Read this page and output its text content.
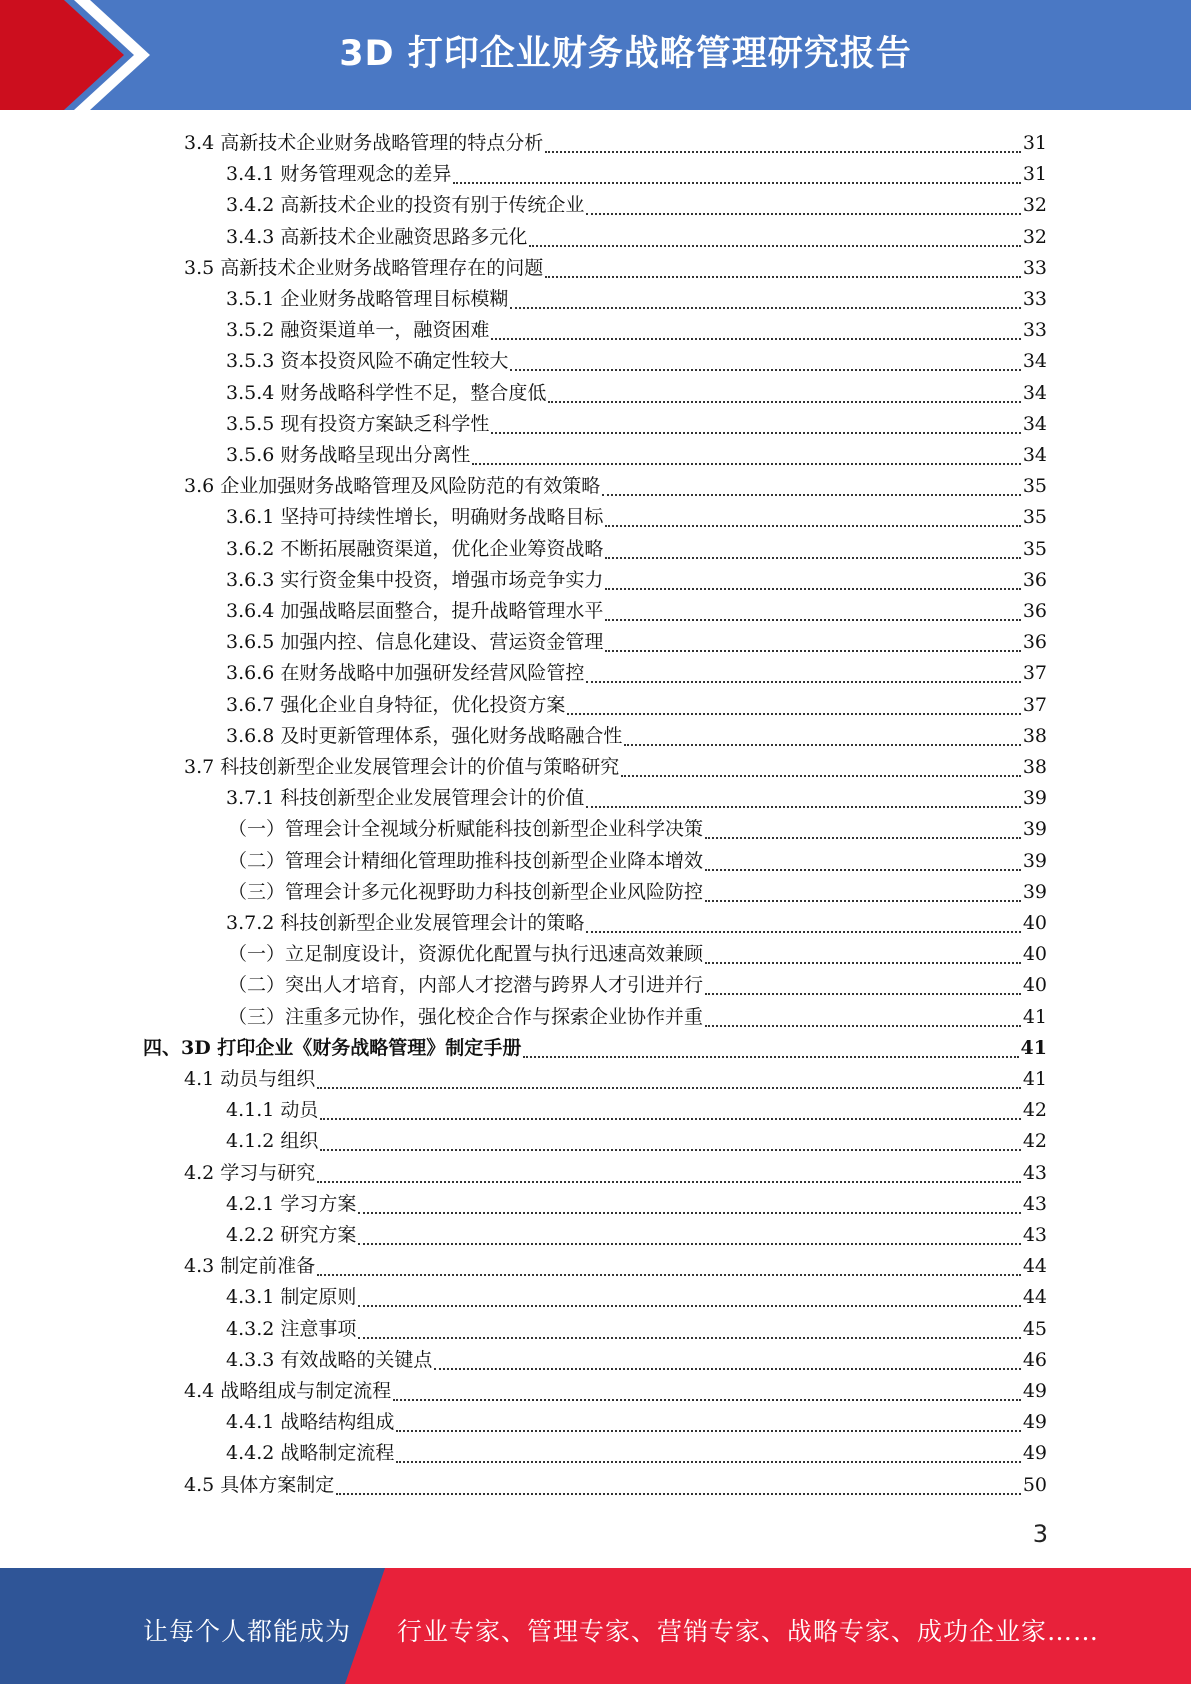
3D 打印企业财务战略管理研究报告
3.4 高新技术企业财务战略管理的特点分析	31
3.4.1 财务管理观念的差异	31
3.4.2 高新技术企业的投资有别于传统企业	32
3.4.3 高新技术企业融资思路多元化	32
3.5 高新技术企业财务战略管理存在的问题	33
3.5.1 企业财务战略管理目标模糊	33
3.5.2 融资渠道单一，融资困难	33
3.5.3 资本投资风险不确定性较大	34
3.5.4 财务战略科学性不足，整合度低	34
3.5.5 现有投资方案缺乏科学性	34
3.5.6 财务战略呈现出分离性	34
3.6 企业加强财务战略管理及风险防范的有效策略	35
3.6.1 坚持可持续性增长，明确财务战略目标	35
3.6.2 不断拓展融资渠道，优化企业筹资战略	35
3.6.3 实行资金集中投资，增强市场竞争实力	36
3.6.4 加强战略层面整合，提升战略管理水平	36
3.6.5 加强内控、信息化建设、营运资金管理	36
3.6.6 在财务战略中加强研发经营风险管控	37
3.6.7 强化企业自身特征，优化投资方案	37
3.6.8 及时更新管理体系，强化财务战略融合性	38
3.7 科技创新型企业发展管理会计的价值与策略研究	38
3.7.1 科技创新型企业发展管理会计的价值	39
（一）管理会计全视域分析赋能科技创新型企业科学决策	39
（二）管理会计精细化管理助推科技创新型企业降本增效	39
（三）管理会计多元化视野助力科技创新型企业风险防控	39
3.7.2 科技创新型企业发展管理会计的策略	40
（一）立足制度设计，资源优化配置与执行迅速高效兼顾	40
（二）突出人才培育，内部人才挖潜与跨界人才引进并行	40
（三）注重多元协作，强化校企合作与探索企业协作并重	41
四、3D 打印企业《财务战略管理》制定手册	41
4.1 动员与组织	41
4.1.1 动员	42
4.1.2 组织	42
4.2 学习与研究	43
4.2.1 学习方案	43
4.2.2 研究方案	43
4.3 制定前准备	44
4.3.1 制定原则	44
4.3.2 注意事项	45
4.3.3 有效战略的关键点	46
4.4 战略组成与制定流程	49
4.4.1 战略结构组成	49
4.4.2 战略制定流程	49
4.5 具体方案制定	50
3
让每个人都能成为 行业专家、管理专家、营销专家、战略专家、成功企业家……
